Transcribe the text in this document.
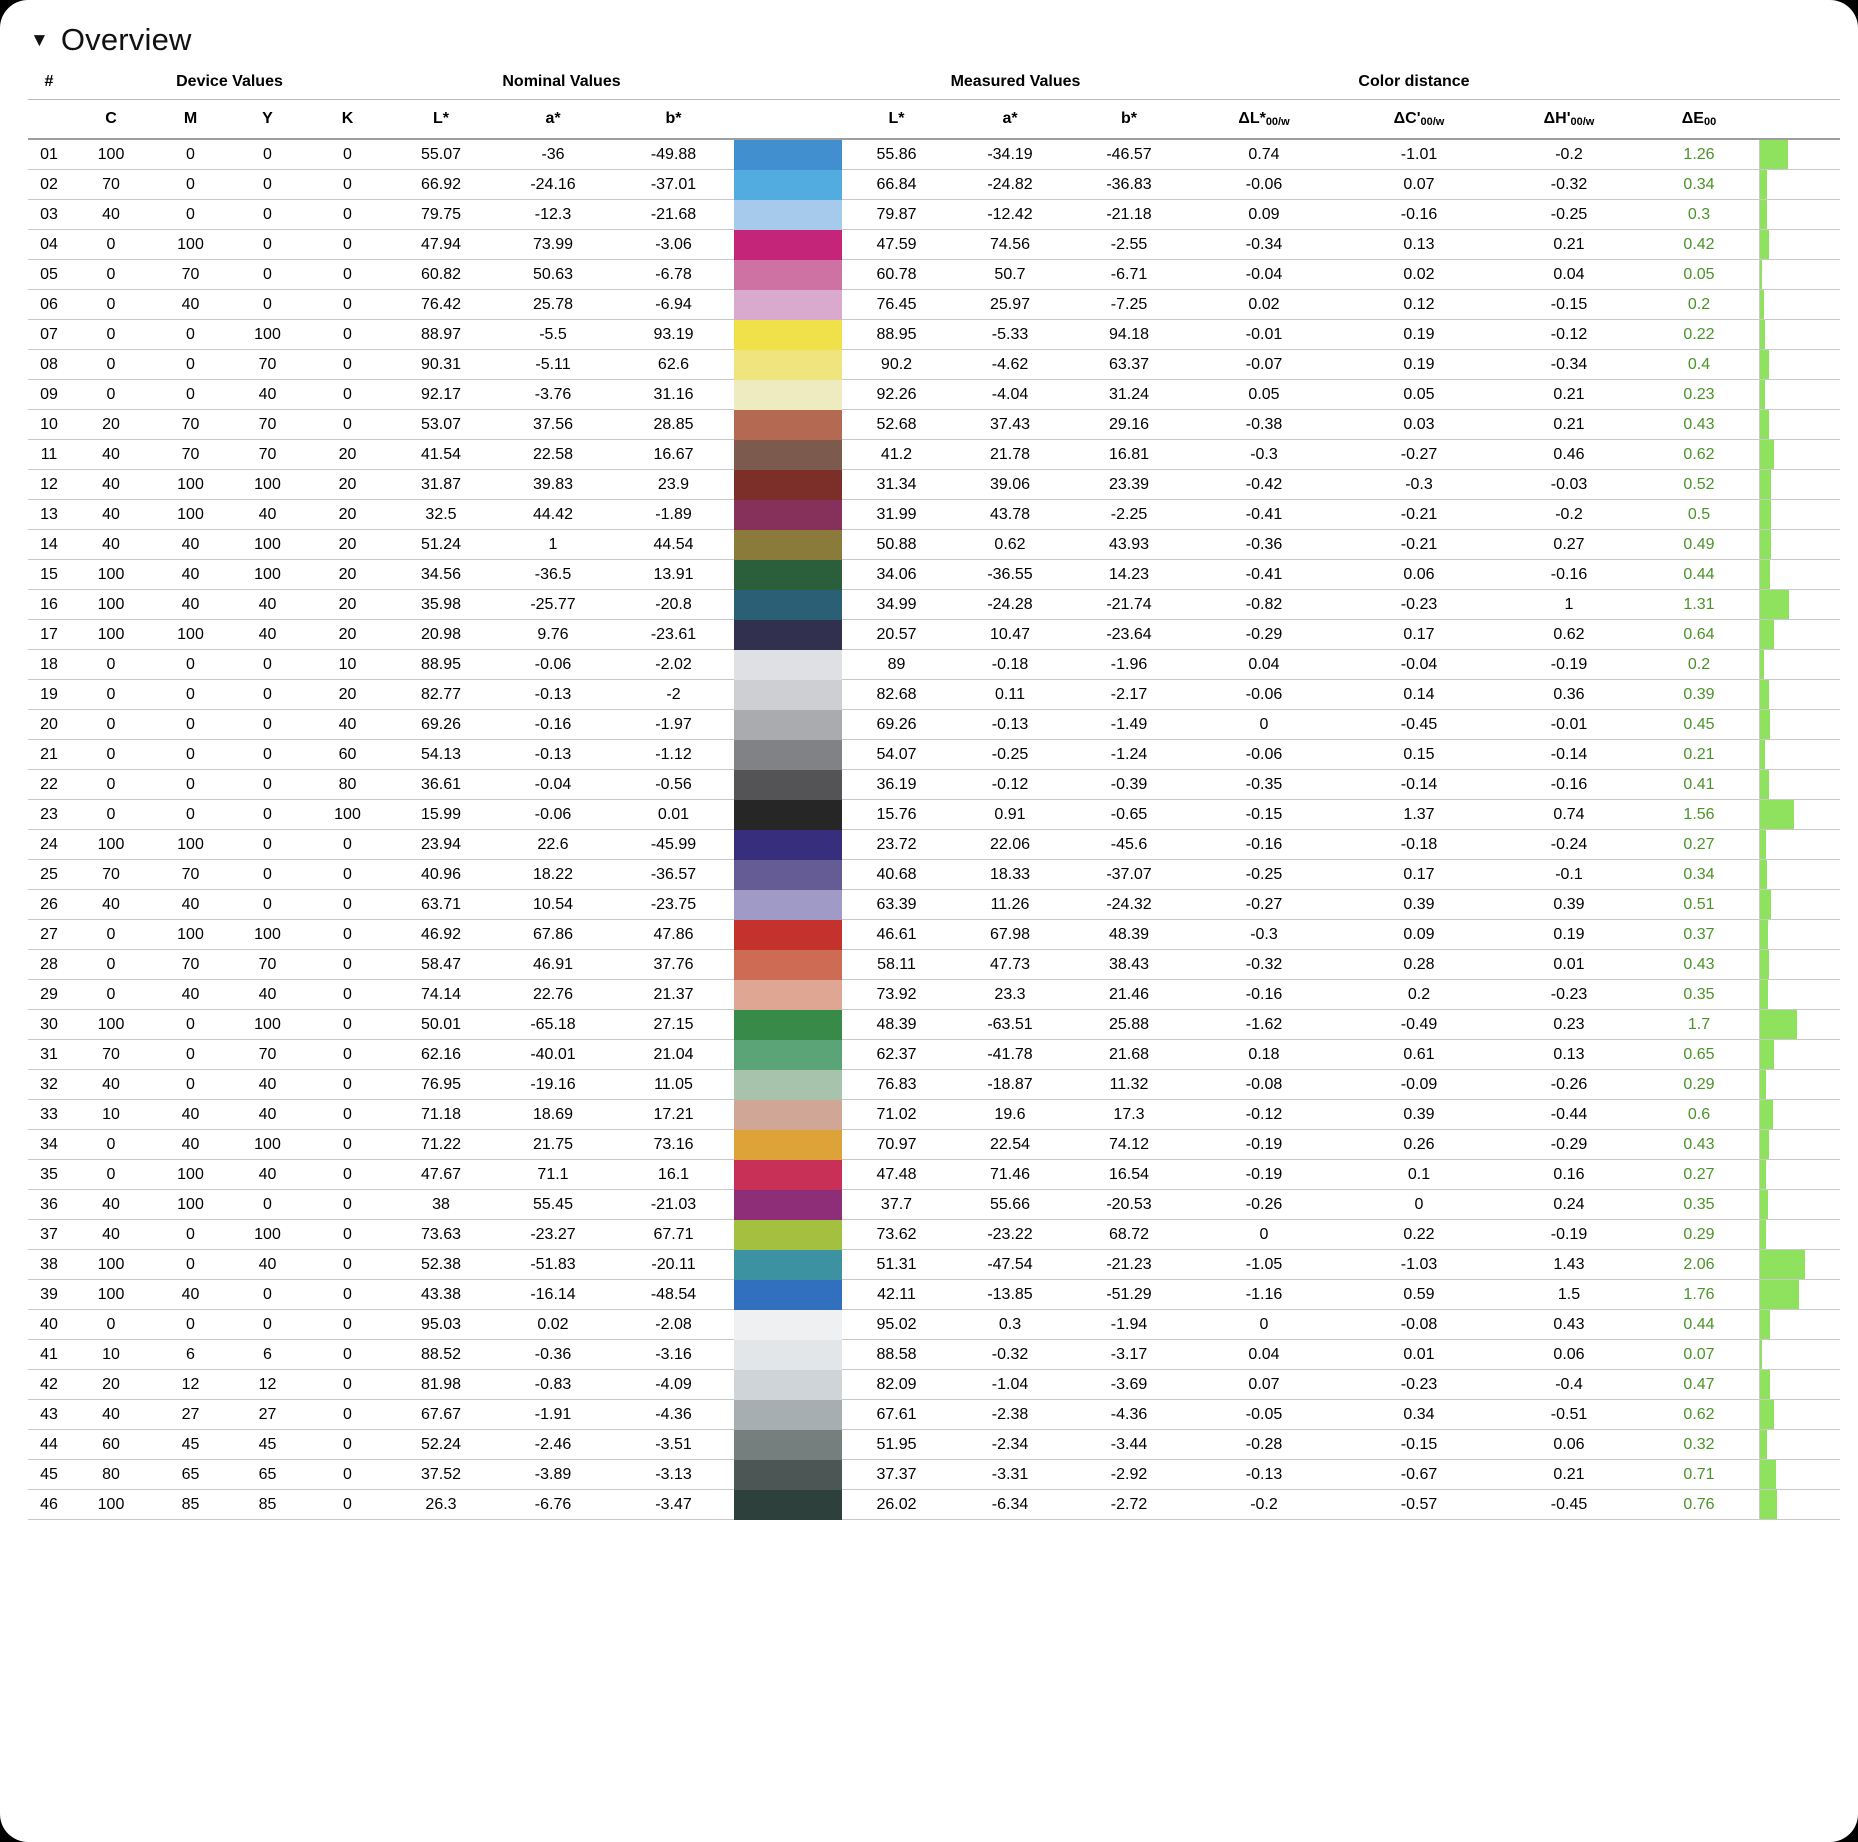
▼ Overview
#	Device Values	Nominal Values	Measured Values	Color distance
C	M	Y	K	L*	a*	b*	L*	a*	b*	ΔL* 00/w	ΔC' 00/w	ΔH' 00/w	ΔE 00
01	100	0	0	0	55.07	-36	-49.88	55.86	-34.19	-46.57	0.74	-1.01	-0.2	1.26
02	70	0	0	0	66.92	-24.16	-37.01	66.84	-24.82	-36.83	-0.06	0.07	-0.32	0.34
03	40	0	0	0	79.75	-12.3	-21.68	79.87	-12.42	-21.18	0.09	-0.16	-0.25	0.3
04	0	100	0	0	47.94	73.99	-3.06	47.59	74.56	-2.55	-0.34	0.13	0.21	0.42
05	0	70	0	0	60.82	50.63	-6.78	60.78	50.7	-6.71	-0.04	0.02	0.04	0.05
06	0	40	0	0	76.42	25.78	-6.94	76.45	25.97	-7.25	0.02	0.12	-0.15	0.2
07	0	0	100	0	88.97	-5.5	93.19	88.95	-5.33	94.18	-0.01	0.19	-0.12	0.22
08	0	0	70	0	90.31	-5.11	62.6	90.2	-4.62	63.37	-0.07	0.19	-0.34	0.4
09	0	0	40	0	92.17	-3.76	31.16	92.26	-4.04	31.24	0.05	0.05	0.21	0.23
10	20	70	70	0	53.07	37.56	28.85	52.68	37.43	29.16	-0.38	0.03	0.21	0.43
11	40	70	70	20	41.54	22.58	16.67	41.2	21.78	16.81	-0.3	-0.27	0.46	0.62
12	40	100	100	20	31.87	39.83	23.9	31.34	39.06	23.39	-0.42	-0.3	-0.03	0.52
13	40	100	40	20	32.5	44.42	-1.89	31.99	43.78	-2.25	-0.41	-0.21	-0.2	0.5
14	40	40	100	20	51.24	1	44.54	50.88	0.62	43.93	-0.36	-0.21	0.27	0.49
15	100	40	100	20	34.56	-36.5	13.91	34.06	-36.55	14.23	-0.41	0.06	-0.16	0.44
16	100	40	40	20	35.98	-25.77	-20.8	34.99	-24.28	-21.74	-0.82	-0.23	1	1.31
17	100	100	40	20	20.98	9.76	-23.61	20.57	10.47	-23.64	-0.29	0.17	0.62	0.64
18	0	0	0	10	88.95	-0.06	-2.02	89	-0.18	-1.96	0.04	-0.04	-0.19	0.2
19	0	0	0	20	82.77	-0.13	-2	82.68	0.11	-2.17	-0.06	0.14	0.36	0.39
20	0	0	0	40	69.26	-0.16	-1.97	69.26	-0.13	-1.49	0	-0.45	-0.01	0.45
21	0	0	0	60	54.13	-0.13	-1.12	54.07	-0.25	-1.24	-0.06	0.15	-0.14	0.21
22	0	0	0	80	36.61	-0.04	-0.56	36.19	-0.12	-0.39	-0.35	-0.14	-0.16	0.41
23	0	0	0	100	15.99	-0.06	0.01	15.76	0.91	-0.65	-0.15	1.37	0.74	1.56
24	100	100	0	0	23.94	22.6	-45.99	23.72	22.06	-45.6	-0.16	-0.18	-0.24	0.27
25	70	70	0	0	40.96	18.22	-36.57	40.68	18.33	-37.07	-0.25	0.17	-0.1	0.34
26	40	40	0	0	63.71	10.54	-23.75	63.39	11.26	-24.32	-0.27	0.39	0.39	0.51
27	0	100	100	0	46.92	67.86	47.86	46.61	67.98	48.39	-0.3	0.09	0.19	0.37
28	0	70	70	0	58.47	46.91	37.76	58.11	47.73	38.43	-0.32	0.28	0.01	0.43
29	0	40	40	0	74.14	22.76	21.37	73.92	23.3	21.46	-0.16	0.2	-0.23	0.35
30	100	0	100	0	50.01	-65.18	27.15	48.39	-63.51	25.88	-1.62	-0.49	0.23	1.7
31	70	0	70	0	62.16	-40.01	21.04	62.37	-41.78	21.68	0.18	0.61	0.13	0.65
32	40	0	40	0	76.95	-19.16	11.05	76.83	-18.87	11.32	-0.08	-0.09	-0.26	0.29
33	10	40	40	0	71.18	18.69	17.21	71.02	19.6	17.3	-0.12	0.39	-0.44	0.6
34	0	40	100	0	71.22	21.75	73.16	70.97	22.54	74.12	-0.19	0.26	-0.29	0.43
35	0	100	40	0	47.67	71.1	16.1	47.48	71.46	16.54	-0.19	0.1	0.16	0.27
36	40	100	0	0	38	55.45	-21.03	37.7	55.66	-20.53	-0.26	0	0.24	0.35
37	40	0	100	0	73.63	-23.27	67.71	73.62	-23.22	68.72	0	0.22	-0.19	0.29
38	100	0	40	0	52.38	-51.83	-20.11	51.31	-47.54	-21.23	-1.05	-1.03	1.43	2.06
39	100	40	0	0	43.38	-16.14	-48.54	42.11	-13.85	-51.29	-1.16	0.59	1.5	1.76
40	0	0	0	0	95.03	0.02	-2.08	95.02	0.3	-1.94	0	-0.08	0.43	0.44
41	10	6	6	0	88.52	-0.36	-3.16	88.58	-0.32	-3.17	0.04	0.01	0.06	0.07
42	20	12	12	0	81.98	-0.83	-4.09	82.09	-1.04	-3.69	0.07	-0.23	-0.4	0.47
43	40	27	27	0	67.67	-1.91	-4.36	67.61	-2.38	-4.36	-0.05	0.34	-0.51	0.62
44	60	45	45	0	52.24	-2.46	-3.51	51.95	-2.34	-3.44	-0.28	-0.15	0.06	0.32
45	80	65	65	0	37.52	-3.89	-3.13	37.37	-3.31	-2.92	-0.13	-0.67	0.21	0.71
46	100	85	85	0	26.3	-6.76	-3.47	26.02	-6.34	-2.72	-0.2	-0.57	-0.45	0.76
